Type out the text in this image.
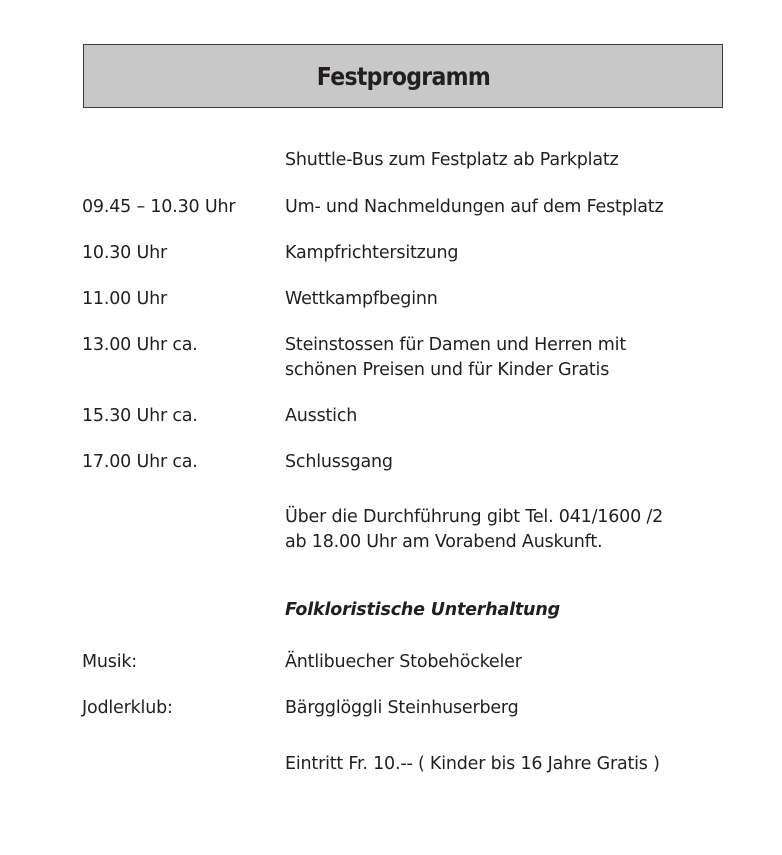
Festprogramm
Shuttle-Bus zum Festplatz ab Parkplatz
09.45 – 10.30 Uhr	Um- und Nachmeldungen auf dem Festplatz
10.30 Uhr	Kampfrichtersitzung
11.00 Uhr	Wettkampfbeginn
13.00 Uhr ca.	Steinstossen für Damen und Herren mit
schönen Preisen und für Kinder Gratis
15.30 Uhr ca.	Ausstich
17.00 Uhr ca.	Schlussgang
Über die Durchführung gibt Tel. 041/1600 /2
ab 18.00 Uhr am Vorabend Auskunft.
Folkloristische Unterhaltung
Musik:	Äntlibuecher Stobehöckeler
Jodlerklub:	Bärgglöggli Steinhuserberg
Eintritt Fr. 10.-- ( Kinder bis 16 Jahre Gratis )
